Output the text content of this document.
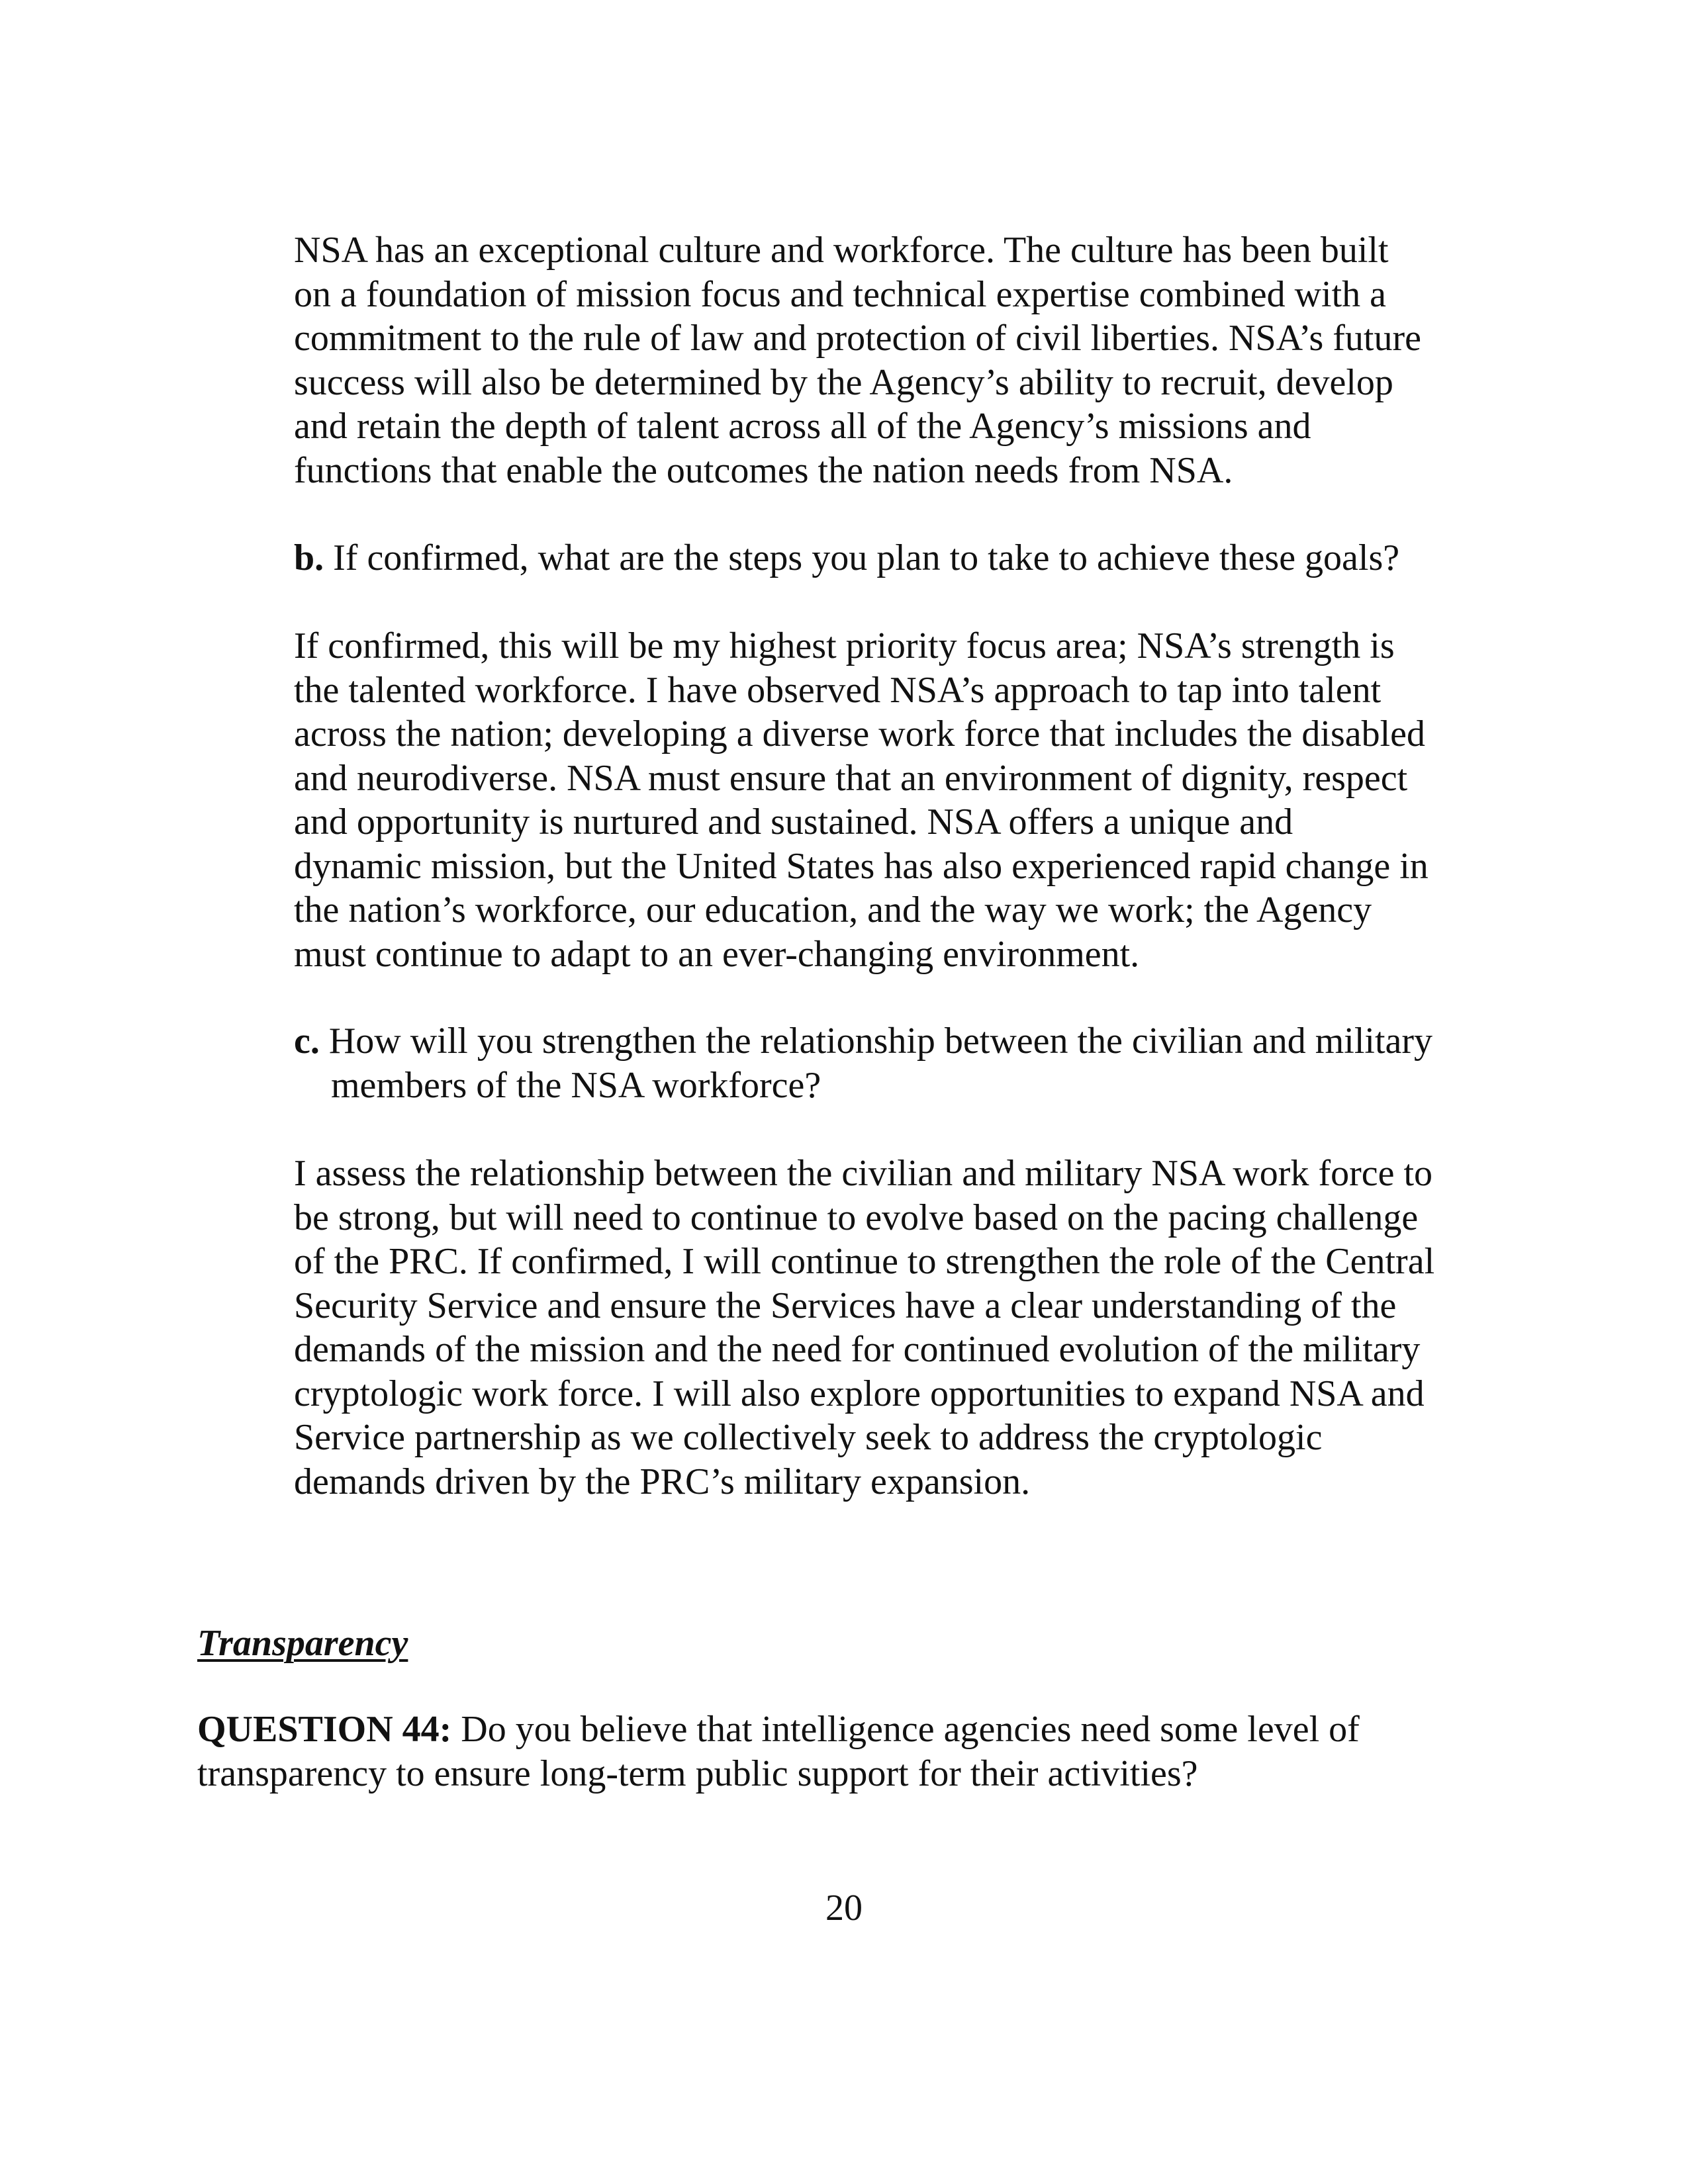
NSA has an exceptional culture and workforce. The culture has been built
on a foundation of mission focus and technical expertise combined with a
commitment to the rule of law and protection of civil liberties. NSA’s future
success will also be determined by the Agency’s ability to recruit, develop
and retain the depth of talent across all of the Agency’s missions and
functions that enable the outcomes the nation needs from NSA.
b. If confirmed, what are the steps you plan to take to achieve these goals?
If confirmed, this will be my highest priority focus area; NSA’s strength is
the talented workforce. I have observed NSA’s approach to tap into talent
across the nation; developing a diverse work force that includes the disabled
and neurodiverse. NSA must ensure that an environment of dignity, respect
and opportunity is nurtured and sustained. NSA offers a unique and
dynamic mission, but the United States has also experienced rapid change in
the nation’s workforce, our education, and the way we work; the Agency
must continue to adapt to an ever-changing environment.
c. How will you strengthen the relationship between the civilian and military
members of the NSA workforce?
I assess the relationship between the civilian and military NSA work force to
be strong, but will need to continue to evolve based on the pacing challenge
of the PRC. If confirmed, I will continue to strengthen the role of the Central
Security Service and ensure the Services have a clear understanding of the
demands of the mission and the need for continued evolution of the military
cryptologic work force. I will also explore opportunities to expand NSA and
Service partnership as we collectively seek to address the cryptologic
demands driven by the PRC’s military expansion.
Transparency
QUESTION 44: Do you believe that intelligence agencies need some level of
transparency to ensure long-term public support for their activities?
20
